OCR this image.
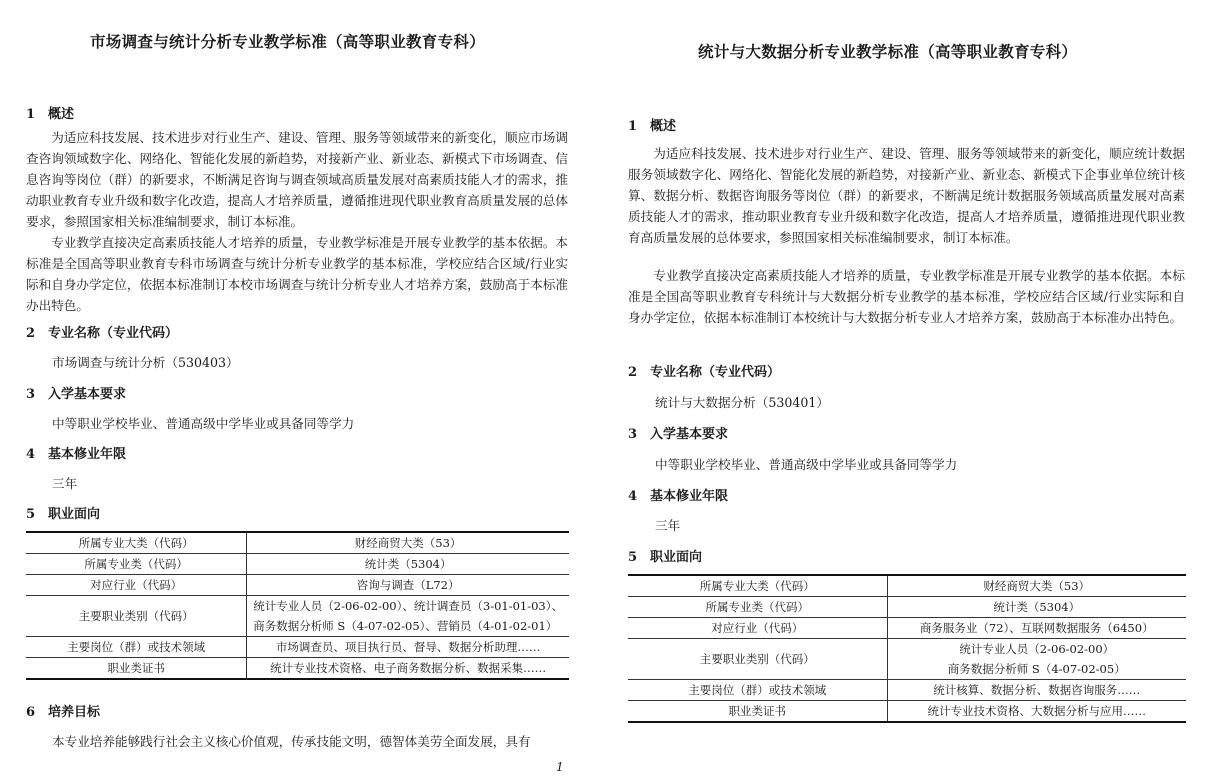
市场调查与统计分析专业教学标准（高等职业教育专科）
1 概述

为适应科技发展、技术进步对行业生产、建设、管理、服务等领域带来的新变化，顺应市场调查咨询领域数字化、网络化、智能化发展的新趋势，对接新产业、新业态、新模式下市场调查、信息咨询等岗位（群）的新要求，不断满足咨询与调查领域高质量发展对高素质技能人才的需求，推动职业教育专业升级和数字化改造，提高人才培养质量，遵循推进现代职业教育高质量发展的总体要求，参照国家相关标准编制要求，制订本标准。

专业教学直接决定高素质技能人才培养的质量，专业教学标准是开展专业教学的基本依据。本标准是全国高等职业教育专科市场调查与统计分析专业教学的基本标准，学校应结合区域/行业实际和自身办学定位，依据本标准制订本校市场调查与统计分析专业人才培养方案，鼓励高于本标准办出特色。

2 专业名称（专业代码）
市场调查与统计分析（530403）
3 入学基本要求
中等职业学校毕业、普通高级中学毕业或具备同等学力
4 基本修业年限
三年
5 职业面向
所属专业大类（代码）	财经商贸大类（53）
所属专业类（代码）	统计类（5304）
对应行业（代码）	咨询与调查（L72）
主要职业类别（代码）	统计专业人员（2-06-02-00）、统计调查员（3-01-01-03）、
商务数据分析师 S（4-07-02-05）、营销员（4-01-02-01）

主要岗位（群）或技术领域	市场调查员、项目执行员、督导、数据分析助理……
职业类证书	统计专业技术资格、电子商务数据分析、数据采集……
6 培养目标
本专业培养能够践行社会主义核心价值观，传承技能文明，德智体美劳全面发展，具有
1
统计与大数据分析专业教学标准（高等职业教育专科）
1 概述

为适应科技发展、技术进步对行业生产、建设、管理、服务等领域带来的新变化，顺应统计数据服务领域数字化、网络化、智能化发展的新趋势，对接新产业、新业态、新模式下企事业单位统计核算、数据分析、数据咨询服务等岗位（群）的新要求，不断满足统计数据服务领域高质量发展对高素质技能人才的需求，推动职业教育专业升级和数字化改造，提高人才培养质量，遵循推进现代职业教育高质量发展的总体要求，参照国家相关标准编制要求，制订本标准。

专业教学直接决定高素质技能人才培养的质量，专业教学标准是开展专业教学的基本依据。本标准是全国高等职业教育专科统计与大数据分析专业教学的基本标准，学校应结合区域/行业实际和自身办学定位，依据本标准制订本校统计与大数据分析专业人才培养方案，鼓励高于本标准办出特色。

2 专业名称（专业代码）
统计与大数据分析（530401）
3 入学基本要求
中等职业学校毕业、普通高级中学毕业或具备同等学力
4 基本修业年限
三年
5 职业面向
所属专业大类（代码）	财经商贸大类（53）
所属专业类（代码）	统计类（5304）
对应行业（代码）	商务服务业（72）、互联网数据服务（6450）
主要职业类别（代码）	统计专业人员（2-06-02-00）
商务数据分析师 S（4-07-02-05）

主要岗位（群）或技术领域	统计核算、数据分析、数据咨询服务……
职业类证书	统计专业技术资格、大数据分析与应用……
